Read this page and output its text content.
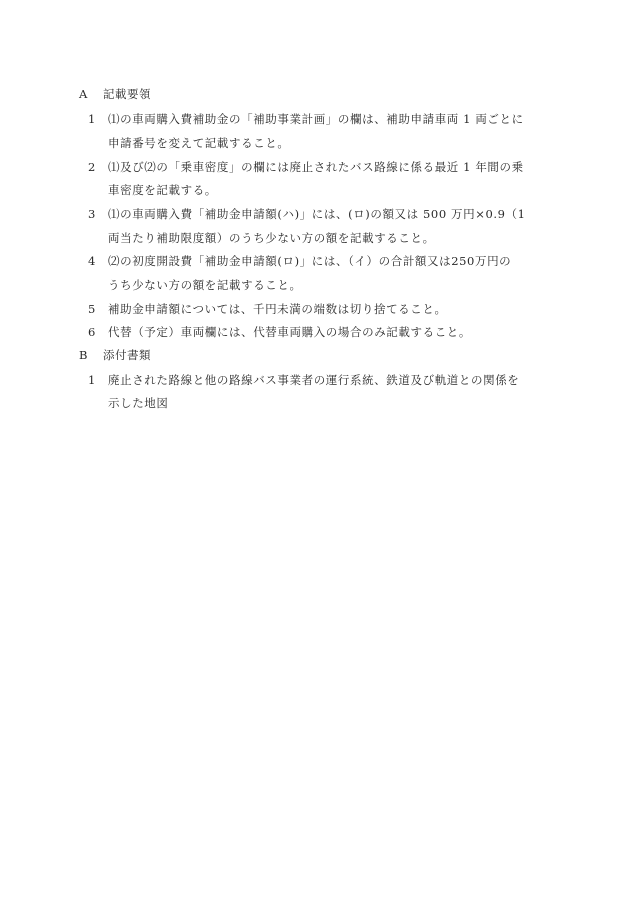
A 記載要領
1 ⑴の車両購入費補助金の「補助事業計画」の欄は、補助申請車両 1 両ごとに
申請番号を変えて記載すること。
2 ⑴及び⑵の「乗車密度」の欄には廃止されたバス路線に係る最近 1 年間の乗
車密度を記載する。
3 ⑴の車両購入費「補助金申請額(ハ)」には、(ロ)の額又は 500 万円×0.9（1
両当たり補助限度額）のうち少ない方の額を記載すること。
4 ⑵の初度開設費「補助金申請額(ロ)」には、（イ）の合計額又は250万円の
うち少ない方の額を記載すること。
5 補助金申請額については、千円未満の端数は切り捨てること。
6 代替（予定）車両欄には、代替車両購入の場合のみ記載すること。
B 添付書類
1 廃止された路線と他の路線バス事業者の運行系統、鉄道及び軌道との関係を
示した地図
